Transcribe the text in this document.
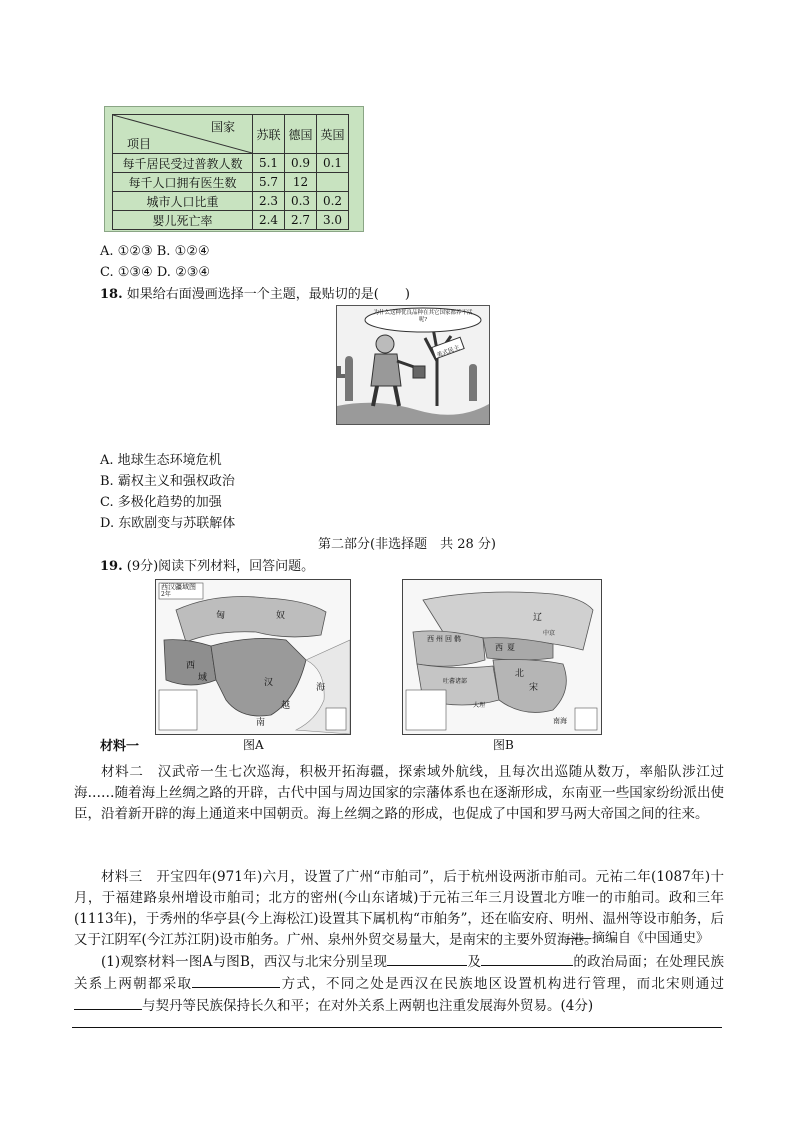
国家
项目	苏联	德国	英国
每千居民受过普教人数	5.1	0.9	0.1
每千人口拥有医生数	5.7	12	
城市人口比重	2.3	0.3	0.2
婴儿死亡率	2.4	2.7	3.0
A. ①②③ B. ①②④
C. ①③④ D. ②③④
18. 如果给右面漫画选择一个主题，最贴切的是(　　)
美式民主
为什么这种优良品种在其它国家都养不活呢?
A. 地球生态环境危机
B. 霸权主义和强权政治
C. 多极化趋势的加强
D. 东欧剧变与苏联解体
第二部分(非选择题　共 28 分)
19. (9分)阅读下列材料，回答问题。
西汉疆域图
2年
匈	奴
西
汉
域
南
海
越
西 州 回 鹘
辽
中京
西 夏
北
宋
吐蕃诸部
大理
南海
材料一	图A	图B
材料二　汉武帝一生七次巡海，积极开拓海疆，探索域外航线，且每次出巡随从数万，率船队涉江过海……随着海上丝绸之路的开辟，古代中国与周边国家的宗藩体系也在逐渐形成，东南亚一些国家纷纷派出使臣，沿着新开辟的海上通道来中国朝贡。海上丝绸之路的形成，也促成了中国和罗马两大帝国之间的往来。
材料三　开宝四年(971年)六月，设置了广州“市舶司”，后于杭州设两浙市舶司。元祐二年(1087年)十月，于福建路泉州增设市舶司；北方的密州(今山东诸城)于元祐三年三月设置北方唯一的市舶司。政和三年(1113年)，于秀州的华亭县(今上海松江)设置其下属机构“市舶务”，还在临安府、明州、温州等设市舶务，后又于江阴军(今江苏江阴)设市舶务。广州、泉州外贸交易量大，是南宋的主要外贸海港。
——摘编自《中国通史》
(1)观察材料一图A与图B，西汉与北宋分别呈现	及	的政治局面；在处理民族关系上两朝都采取	方式，不同之处是西汉在民族地区设置机构进行管理，而北宋则通过与契丹等民族保持长久和平；在对外关系上两朝也注重发展海外贸易。(4分)
